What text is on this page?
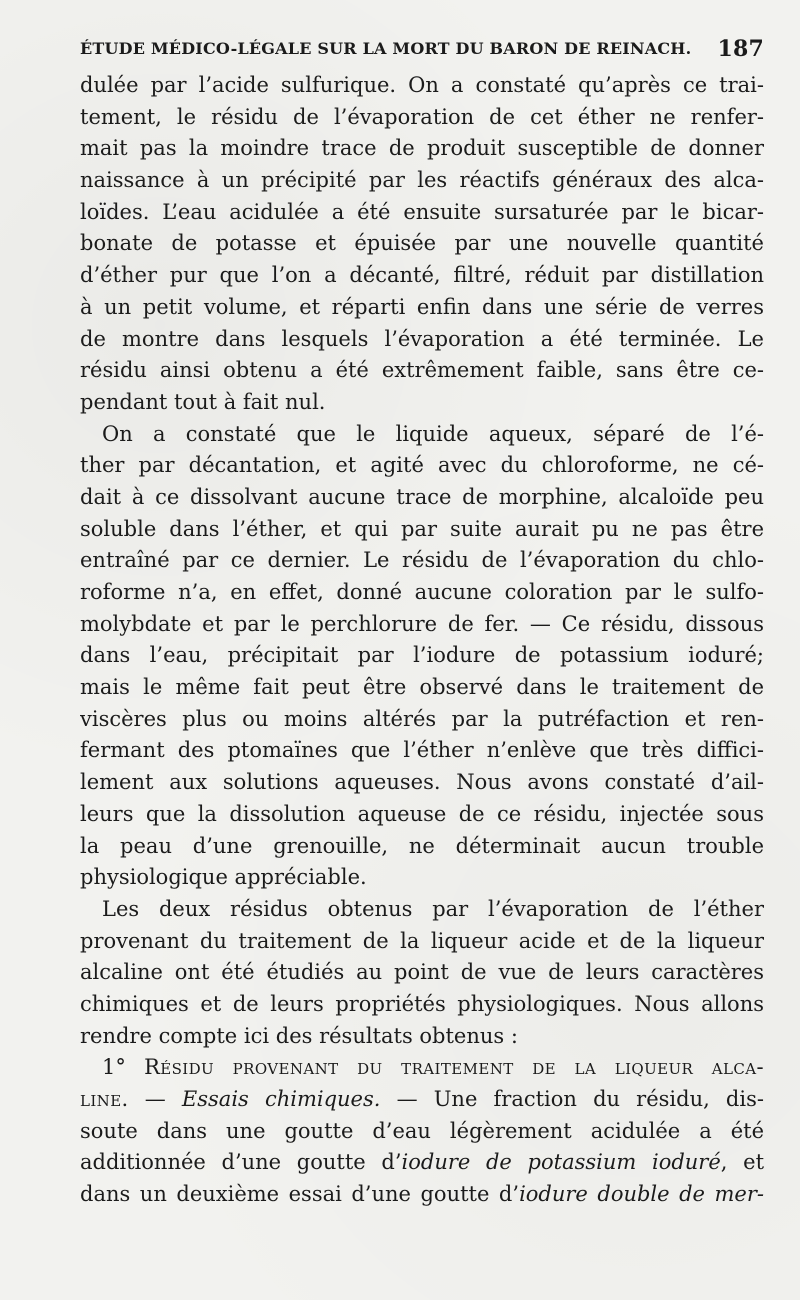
ÉTUDE MÉDICO-LÉGALE SUR LA MORT DU BARON DE REINACH. 187
dulée par l’acide sulfurique. On a constaté qu’après ce trai-
tement, le résidu de l’évaporation de cet éther ne renfer-
mait pas la moindre trace de produit susceptible de donner
naissance à un précipité par les réactifs généraux des alca-
loïdes. L’eau acidulée a été ensuite sursaturée par le bicar-
bonate de potasse et épuisée par une nouvelle quantité
d’éther pur que l’on a décanté, filtré, réduit par distillation
à un petit volume, et réparti enfin dans une série de verres
de montre dans lesquels l’évaporation a été terminée. Le
résidu ainsi obtenu a été extrêmement faible, sans être ce-
pendant tout à fait nul.
On a constaté que le liquide aqueux, séparé de l’é-
ther par décantation, et agité avec du chloroforme, ne cé-
dait à ce dissolvant aucune trace de morphine, alcaloïde peu
soluble dans l’éther, et qui par suite aurait pu ne pas être
entraîné par ce dernier. Le résidu de l’évaporation du chlo-
roforme n’a, en effet, donné aucune coloration par le sulfo-
molybdate et par le perchlorure de fer. — Ce résidu, dissous
dans l’eau, précipitait par l’iodure de potassium ioduré;
mais le même fait peut être observé dans le traitement de
viscères plus ou moins altérés par la putréfaction et ren-
fermant des ptomaïnes que l’éther n’enlève que très diffici-
lement aux solutions aqueuses. Nous avons constaté d’ail-
leurs que la dissolution aqueuse de ce résidu, injectée sous
la peau d’une grenouille, ne déterminait aucun trouble
physiologique appréciable.
Les deux résidus obtenus par l’évaporation de l’éther
provenant du traitement de la liqueur acide et de la liqueur
alcaline ont été étudiés au point de vue de leurs caractères
chimiques et de leurs propriétés physiologiques. Nous allons
rendre compte ici des résultats obtenus :
1° Résidu provenant du traitement de la liqueur alca-
line. — Essais chimiques. — Une fraction du résidu, dis-
soute dans une goutte d’eau légèrement acidulée a été
additionnée d’une goutte d’iodure de potassium ioduré, et
dans un deuxième essai d’une goutte d’iodure double de mer-
